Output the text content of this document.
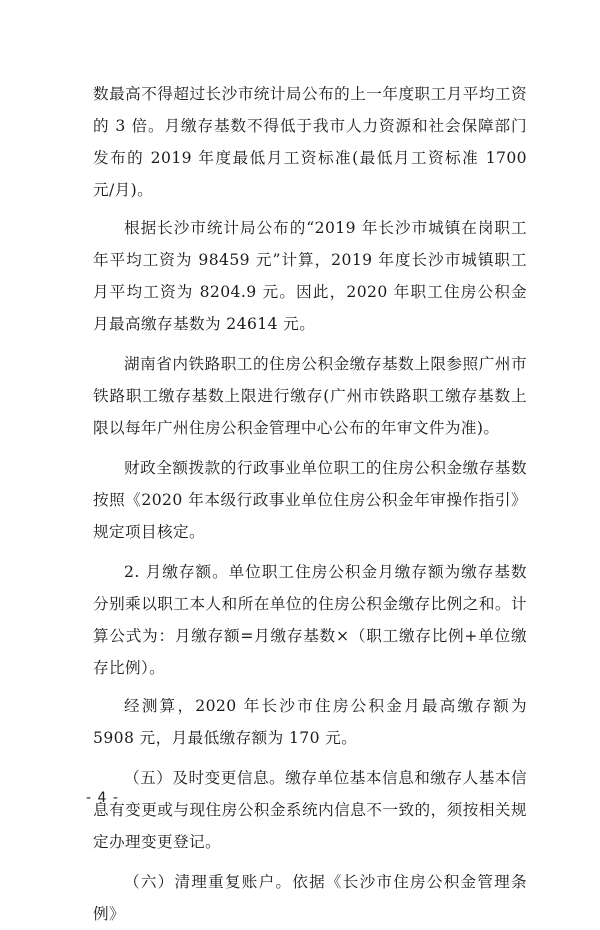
数最高不得超过长沙市统计局公布的上一年度职工月平均工资的 3 倍。月缴存基数不得低于我市人力资源和社会保障部门发布的 2019 年度最低月工资标准(最低月工资标准 1700 元/月)。

根据长沙市统计局公布的“2019 年长沙市城镇在岗职工年平均工资为 98459 元”计算，2019 年度长沙市城镇职工月平均工资为 8204.9 元。因此，2020 年职工住房公积金月最高缴存基数为 24614 元。

湖南省内铁路职工的住房公积金缴存基数上限参照广州市铁路职工缴存基数上限进行缴存(广州市铁路职工缴存基数上限以每年广州住房公积金管理中心公布的年审文件为准)。

财政全额拨款的行政事业单位职工的住房公积金缴存基数按照《2020 年本级行政事业单位住房公积金年审操作指引》规定项目核定。

2. 月缴存额。单位职工住房公积金月缴存额为缴存基数分别乘以职工本人和所在单位的住房公积金缴存比例之和。计算公式为：月缴存额=月缴存基数×（职工缴存比例+单位缴存比例）。

经测算，2020 年长沙市住房公积金月最高缴存额为 5908 元，月最低缴存额为 170 元。

（五）及时变更信息。缴存单位基本信息和缴存人基本信息有变更或与现住房公积金系统内信息不一致的，须按相关规定办理变更登记。

（六）清理重复账户。依据《长沙市住房公积金管理条例》

- 4 -
